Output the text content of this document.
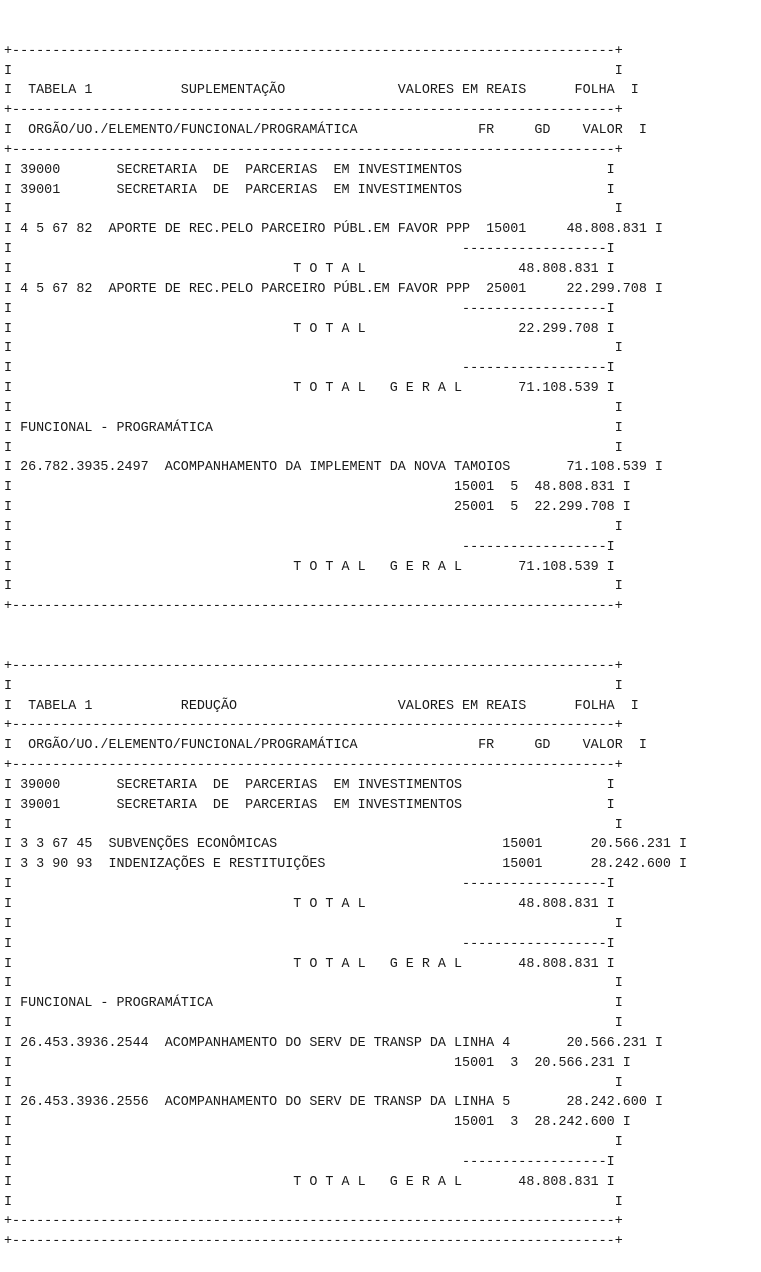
+---------------------------------------------------------------------------+
I                                                                           I
I  TABELA 1           SUPLEMENTAÇÃO              VALORES EM REAIS      FOLHA  I
+---------------------------------------------------------------------------+
I  ORGÃO/UO./ELEMENTO/FUNCIONAL/PROGRAMÁTICA               FR     GD    VALOR  I
+---------------------------------------------------------------------------+
I 39000       SECRETARIA  DE  PARCERIAS  EM INVESTIMENTOS                  I
I 39001       SECRETARIA  DE  PARCERIAS  EM INVESTIMENTOS                  I
I                                                                           I
I 4 5 67 82  APORTE DE REC.PELO PARCEIRO PÚBL.EM FAVOR PPP  15001     48.808.831 I
I                                                        ------------------I
I                                   T O T A L                   48.808.831 I
I 4 5 67 82  APORTE DE REC.PELO PARCEIRO PÚBL.EM FAVOR PPP  25001     22.299.708 I
I                                                        ------------------I
I                                   T O T A L                   22.299.708 I
I                                                                           I
I                                                        ------------------I
I                                   T O T A L   G E R A L       71.108.539 I
I                                                                           I
I FUNCIONAL - PROGRAMÁTICA                                                  I
I                                                                           I
I 26.782.3935.2497  ACOMPANHAMENTO DA IMPLEMENT DA NOVA TAMOIOS       71.108.539 I
I                                                       15001  5  48.808.831 I
I                                                       25001  5  22.299.708 I
I                                                                           I
I                                                        ------------------I
I                                   T O T A L   G E R A L       71.108.539 I
I                                                                           I
+---------------------------------------------------------------------------+

+---------------------------------------------------------------------------+
I                                                                           I
I  TABELA 1           REDUÇÃO                    VALORES EM REAIS      FOLHA  I
+---------------------------------------------------------------------------+
I  ORGÃO/UO./ELEMENTO/FUNCIONAL/PROGRAMÁTICA               FR     GD    VALOR  I
+---------------------------------------------------------------------------+
I 39000       SECRETARIA  DE  PARCERIAS  EM INVESTIMENTOS                  I
I 39001       SECRETARIA  DE  PARCERIAS  EM INVESTIMENTOS                  I
I                                                                           I
I 3 3 67 45  SUBVENÇÕES ECONÔMICAS                            15001      20.566.231 I
I 3 3 90 93  INDENIZAÇÕES E RESTITUIÇÕES                      15001      28.242.600 I
I                                                        ------------------I
I                                   T O T A L                   48.808.831 I
I                                                                           I
I                                                        ------------------I
I                                   T O T A L   G E R A L       48.808.831 I
I                                                                           I
I FUNCIONAL - PROGRAMÁTICA                                                  I
I                                                                           I
I 26.453.3936.2544  ACOMPANHAMENTO DO SERV DE TRANSP DA LINHA 4       20.566.231 I
I                                                       15001  3  20.566.231 I
I                                                                           I
I 26.453.3936.2556  ACOMPANHAMENTO DO SERV DE TRANSP DA LINHA 5       28.242.600 I
I                                                       15001  3  28.242.600 I
I                                                                           I
I                                                        ------------------I
I                                   T O T A L   G E R A L       48.808.831 I
I                                                                           I
+---------------------------------------------------------------------------+
+---------------------------------------------------------------------------+
